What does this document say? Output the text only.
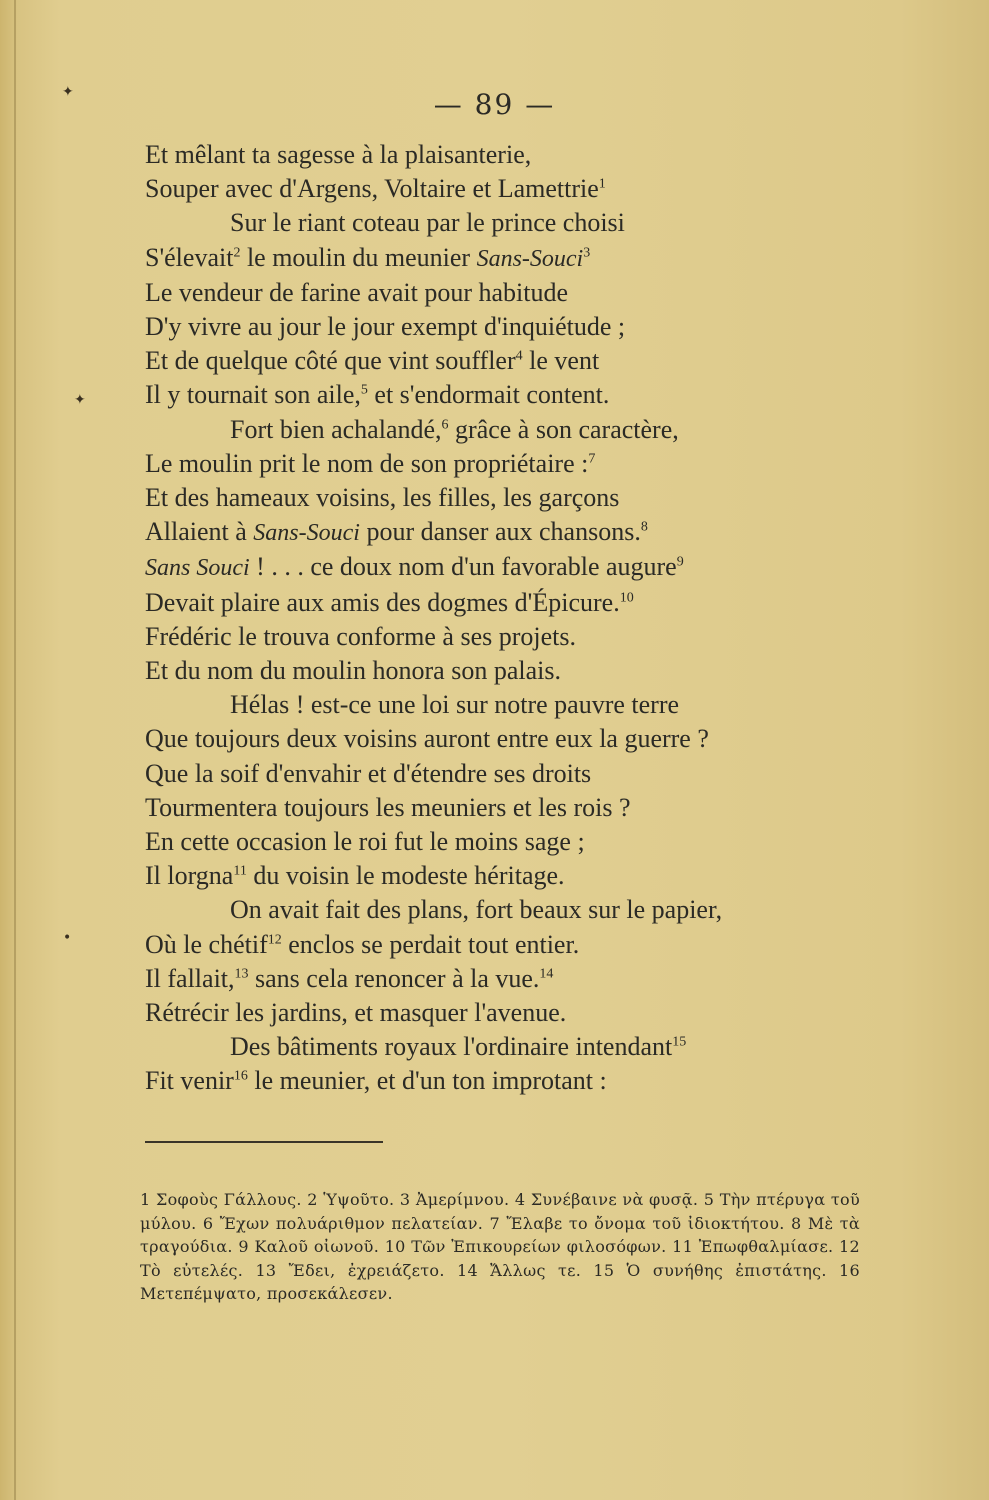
✦
✦
•
— 89 —
Et mêlant ta sagesse à la plaisanterie,
Souper avec d'Argens, Voltaire et Lamettrie$^1$
Sur le riant coteau par le prince choisi
S'élevait$^2$ le moulin du meunier Sans-Souci$^3$
Le vendeur de farine avait pour habitude
D'y vivre au jour le jour exempt d'inquiétude ;
Et de quelque côté que vint souffler$^4$ le vent
Il y tournait son aile,$^5$ et s'endormait content.
Fort bien achalandé,$^6$ grâce à son caractère,
Le moulin prit le nom de son propriétaire :$^7$
Et des hameaux voisins, les filles, les garçons
Allaient à Sans-Souci pour danser aux chansons.$^8$
Sans Souci ! . . . ce doux nom d'un favorable augure$^9$
Devait plaire aux amis des dogmes d'Épicure.$^{10}$
Frédéric le trouva conforme à ses projets.
Et du nom du moulin honora son palais.
Hélas ! est-ce une loi sur notre pauvre terre
Que toujours deux voisins auront entre eux la guerre ?
Que la soif d'envahir et d'étendre ses droits
Tourmentera toujours les meuniers et les rois ?
En cette occasion le roi fut le moins sage ;
Il lorgna$^{11}$ du voisin le modeste héritage.
On avait fait des plans, fort beaux sur le papier,
Où le chétif$^{12}$ enclos se perdait tout entier.
Il fallait,$^{13}$ sans cela renoncer à la vue.$^{14}$
Rétrécir les jardins, et masquer l'avenue.
Des bâtiments royaux l'ordinaire intendant$^{15}$
Fit venir$^{16}$ le meunier, et d'un ton improtant :
1 Σοφοὺς Γάλλους. 2 Ὑψοῦτο. 3 Ἀμερίμνου. 4 Συνέβαινε νὰ φυσᾷ. 5 Τὴν πτέρυγα τοῦ μύλου. 6 Ἔχων πολυάριθμον πελατείαν. 7 Ἔλαβε το ὄνομα τοῦ ἰδιοκτήτου. 8 Μὲ τὰ τραγούδια. 9 Καλοῦ οἰωνοῦ. 10 Τῶν Ἐπικουρείων φιλοσόφων. 11 Ἐπωφθαλμίασε. 12 Τὸ εὐτελές. 13 Ἔδει, ἐχρειάζετο. 14 Ἄλλως τε. 15 Ὁ συνήθης ἐπιστάτης. 16 Μετεπέμψατο, προσεκάλεσεν.
